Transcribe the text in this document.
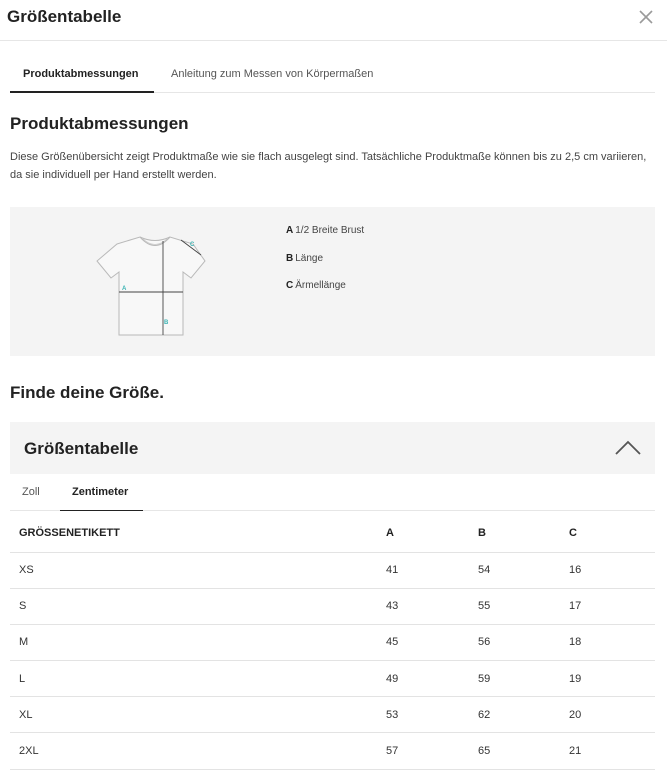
Größentabelle
Produktabmessungen	Anleitung zum Messen von Körpermaßen
Produktabmessungen
Diese Größenübersicht zeigt Produktmaße wie sie flach ausgelegt sind. Tatsächliche Produktmaße können bis zu 2,5 cm variieren, da sie individuell per Hand erstellt werden.
A
B
C
A 1/2 Breite Brust
B Länge
C Ärmellänge
Finde deine Größe.
Größentabelle
Zoll	Zentimeter
GRÖSSENETIKETT	A	B	C
XS	41	54	16
S	43	55	17
M	45	56	18
L	49	59	19
XL	53	62	20
2XL	57	65	21
